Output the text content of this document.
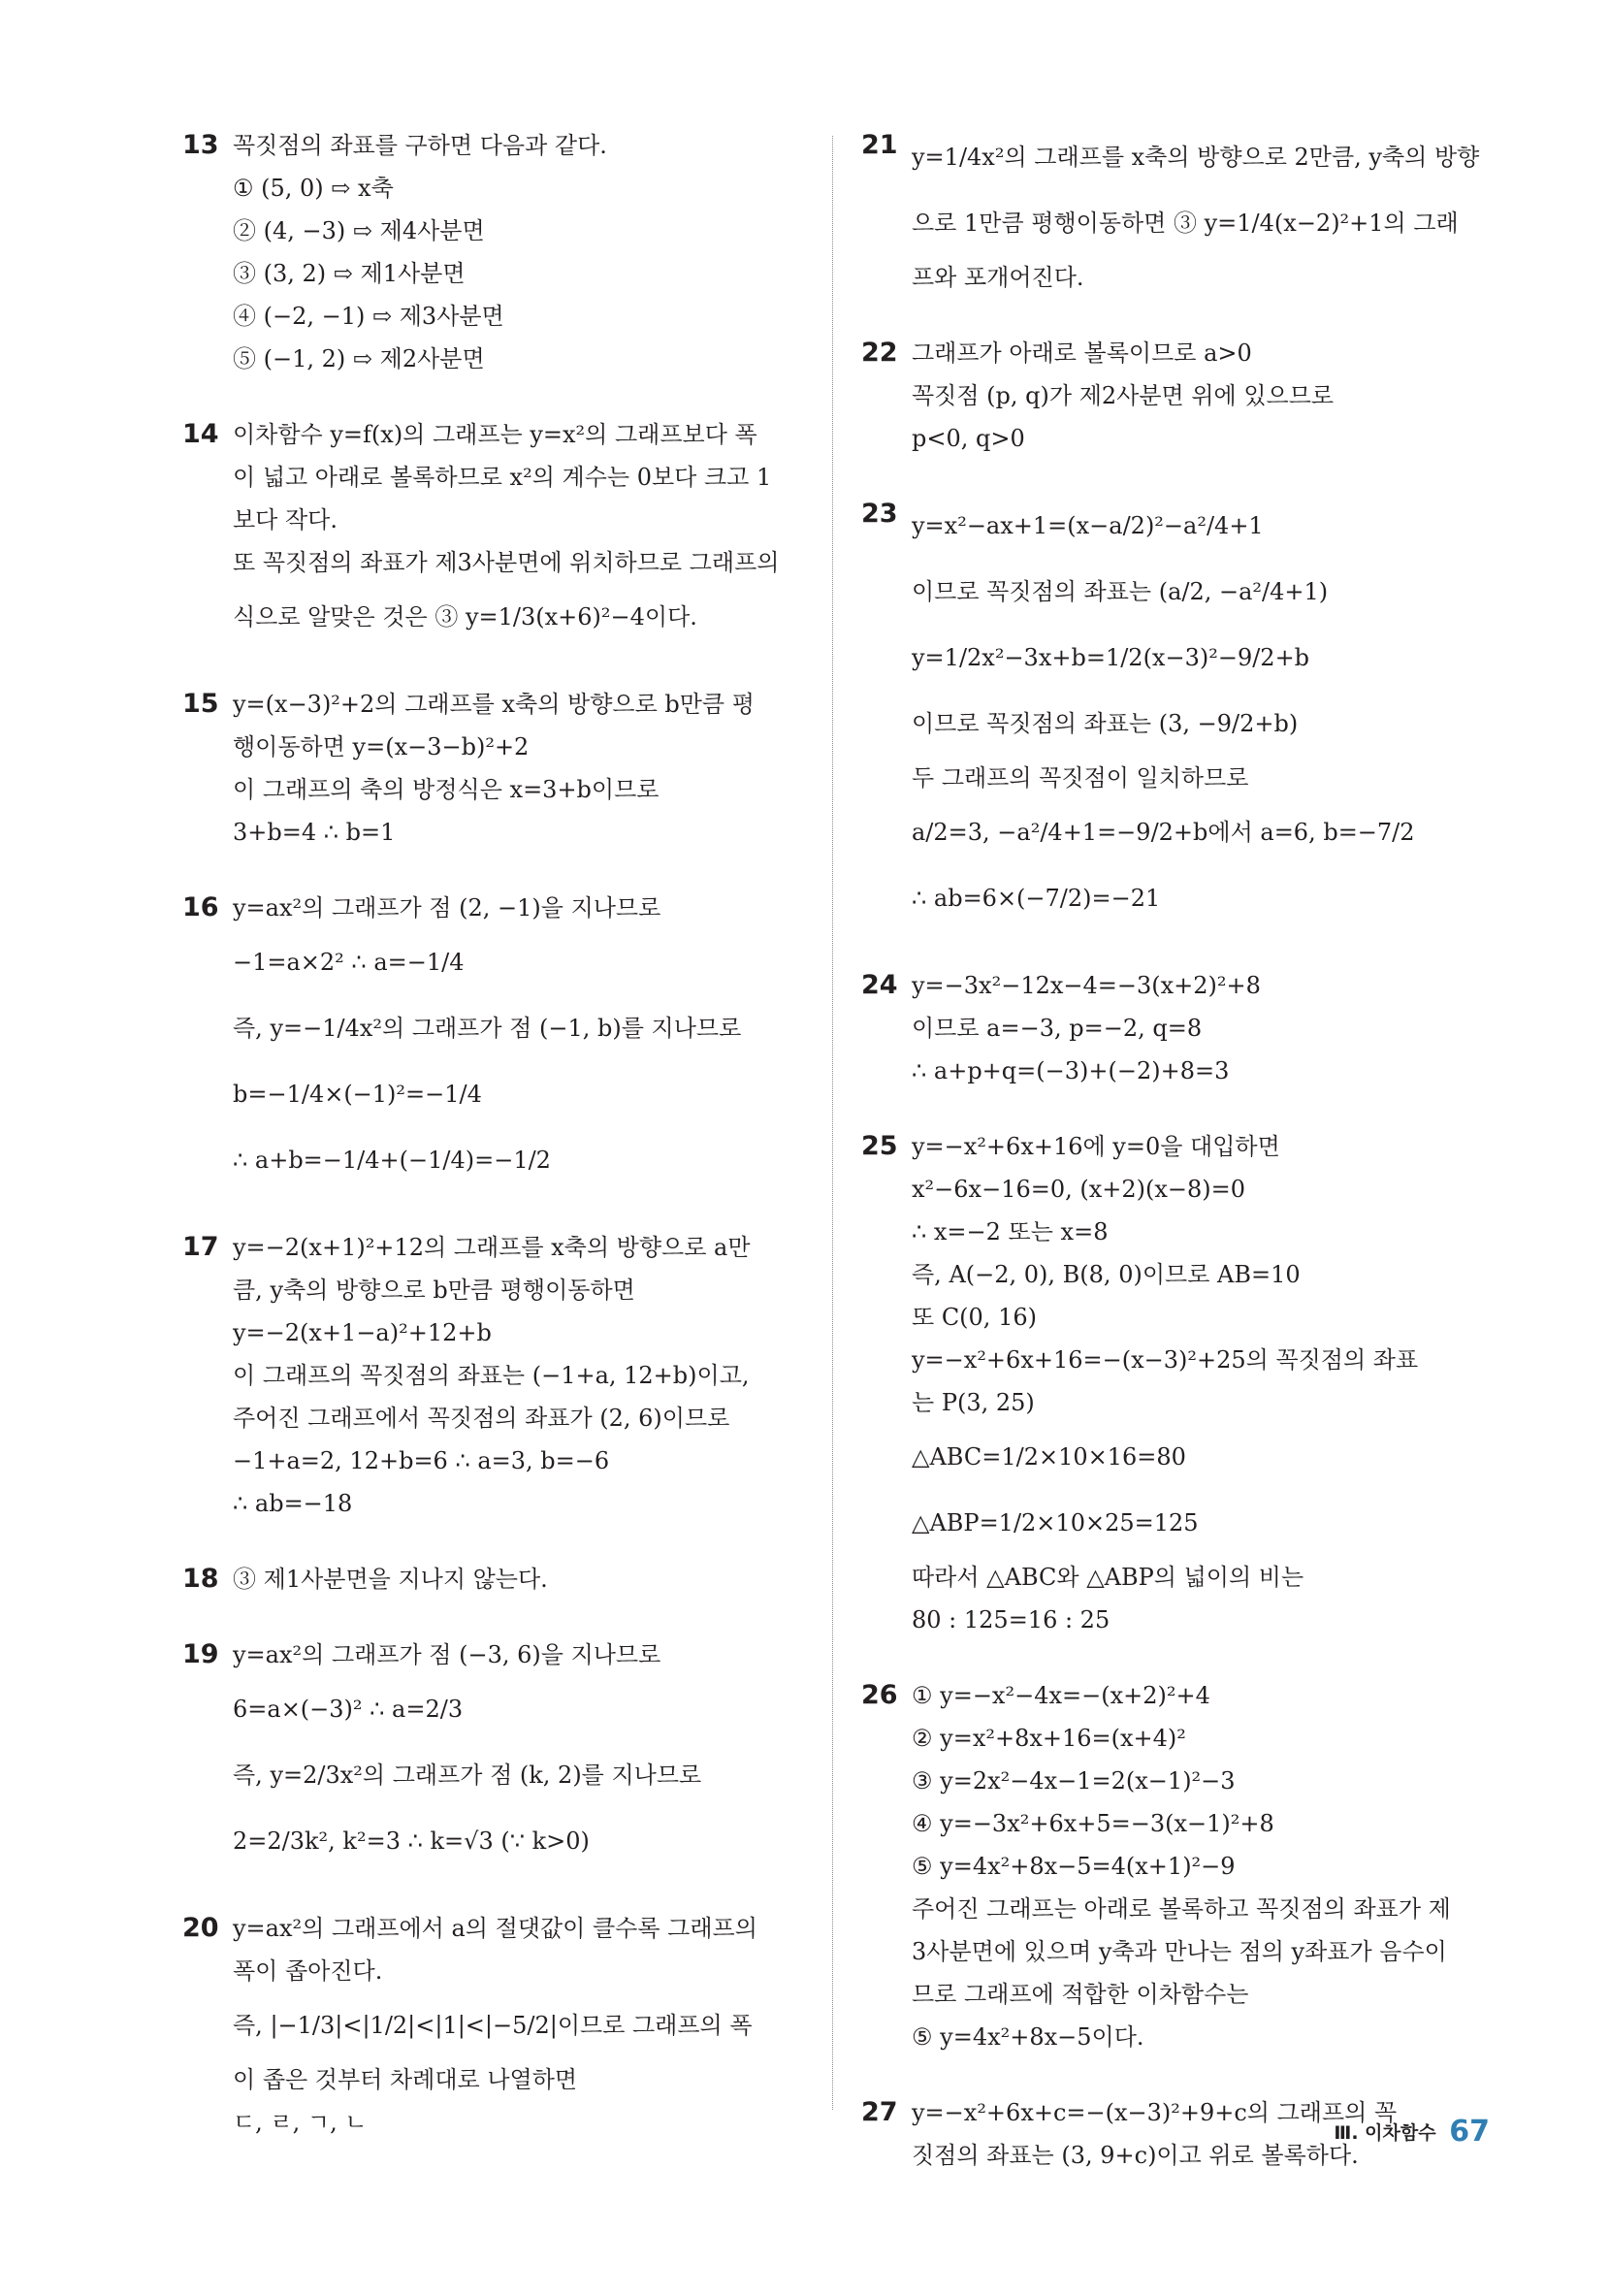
13 꼭짓점의 좌표를 구하면 다음과 같다.
① (5, 0) ⇨ x축
② (4, −3) ⇨ 제4사분면
③ (3, 2) ⇨ 제1사분면
④ (−2, −1) ⇨ 제3사분면
⑤ (−1, 2) ⇨ 제2사분면
14 이차함수 y=f(x)의 그래프는 y=x²의 그래프보다 폭
이 넓고 아래로 볼록하므로 x²의 계수는 0보다 크고 1
보다 작다.
또 꼭짓점의 좌표가 제3사분면에 위치하므로 그래프의
식으로 알맞은 것은 ③ y=1/3(x+6)²−4이다.
15 y=(x−3)²+2의 그래프를 x축의 방향으로 b만큼 평
행이동하면 y=(x−3−b)²+2
이 그래프의 축의 방정식은 x=3+b이므로
3+b=4 ∴ b=1
16 y=ax²의 그래프가 점 (2, −1)을 지나므로
−1=a×2² ∴ a=−1/4
즉, y=−1/4x²의 그래프가 점 (−1, b)를 지나므로
b=−1/4×(−1)²=−1/4
∴ a+b=−1/4+(−1/4)=−1/2
17 y=−2(x+1)²+12의 그래프를 x축의 방향으로 a만
큼, y축의 방향으로 b만큼 평행이동하면
y=−2(x+1−a)²+12+b
이 그래프의 꼭짓점의 좌표는 (−1+a, 12+b)이고,
주어진 그래프에서 꼭짓점의 좌표가 (2, 6)이므로
−1+a=2, 12+b=6 ∴ a=3, b=−6
∴ ab=−18
18 ③ 제1사분면을 지나지 않는다.
19 y=ax²의 그래프가 점 (−3, 6)을 지나므로
6=a×(−3)² ∴ a=2/3
즉, y=2/3x²의 그래프가 점 (k, 2)를 지나므로
2=2/3k², k²=3 ∴ k=√3 (∵ k>0)
20 y=ax²의 그래프에서 a의 절댓값이 클수록 그래프의
폭이 좁아진다.
즉, |−1/3|<|1/2|<|1|<|−5/2|이므로 그래프의 폭
이 좁은 것부터 차례대로 나열하면
ㄷ, ㄹ, ㄱ, ㄴ
21 y=1/4x²의 그래프를 x축의 방향으로 2만큼, y축의 방향
으로 1만큼 평행이동하면 ③ y=1/4(x−2)²+1의 그래
프와 포개어진다.
22 그래프가 아래로 볼록이므로 a>0
꼭짓점 (p, q)가 제2사분면 위에 있으므로
p<0, q>0
23 y=x²−ax+1=(x−a/2)²−a²/4+1
이므로 꼭짓점의 좌표는 (a/2, −a²/4+1)
y=1/2x²−3x+b=1/2(x−3)²−9/2+b
이므로 꼭짓점의 좌표는 (3, −9/2+b)
두 그래프의 꼭짓점이 일치하므로
a/2=3, −a²/4+1=−9/2+b에서 a=6, b=−7/2
∴ ab=6×(−7/2)=−21
24 y=−3x²−12x−4=−3(x+2)²+8
이므로 a=−3, p=−2, q=8
∴ a+p+q=(−3)+(−2)+8=3
25 y=−x²+6x+16에 y=0을 대입하면
x²−6x−16=0, (x+2)(x−8)=0
∴ x=−2 또는 x=8
즉, A(−2, 0), B(8, 0)이므로 AB=10
또 C(0, 16)
y=−x²+6x+16=−(x−3)²+25의 꼭짓점의 좌표
는 P(3, 25)
△ABC=1/2×10×16=80
△ABP=1/2×10×25=125
따라서 △ABC와 △ABP의 넓이의 비는
80 : 125=16 : 25
26 ① y=−x²−4x=−(x+2)²+4
② y=x²+8x+16=(x+4)²
③ y=2x²−4x−1=2(x−1)²−3
④ y=−3x²+6x+5=−3(x−1)²+8
⑤ y=4x²+8x−5=4(x+1)²−9
주어진 그래프는 아래로 볼록하고 꼭짓점의 좌표가 제
3사분면에 있으며 y축과 만나는 점의 y좌표가 음수이
므로 그래프에 적합한 이차함수는
⑤ y=4x²+8x−5이다.
27 y=−x²+6x+c=−(x−3)²+9+c의 그래프의 꼭
짓점의 좌표는 (3, 9+c)이고 위로 볼록하다.
Ⅲ. 이차함수 67
